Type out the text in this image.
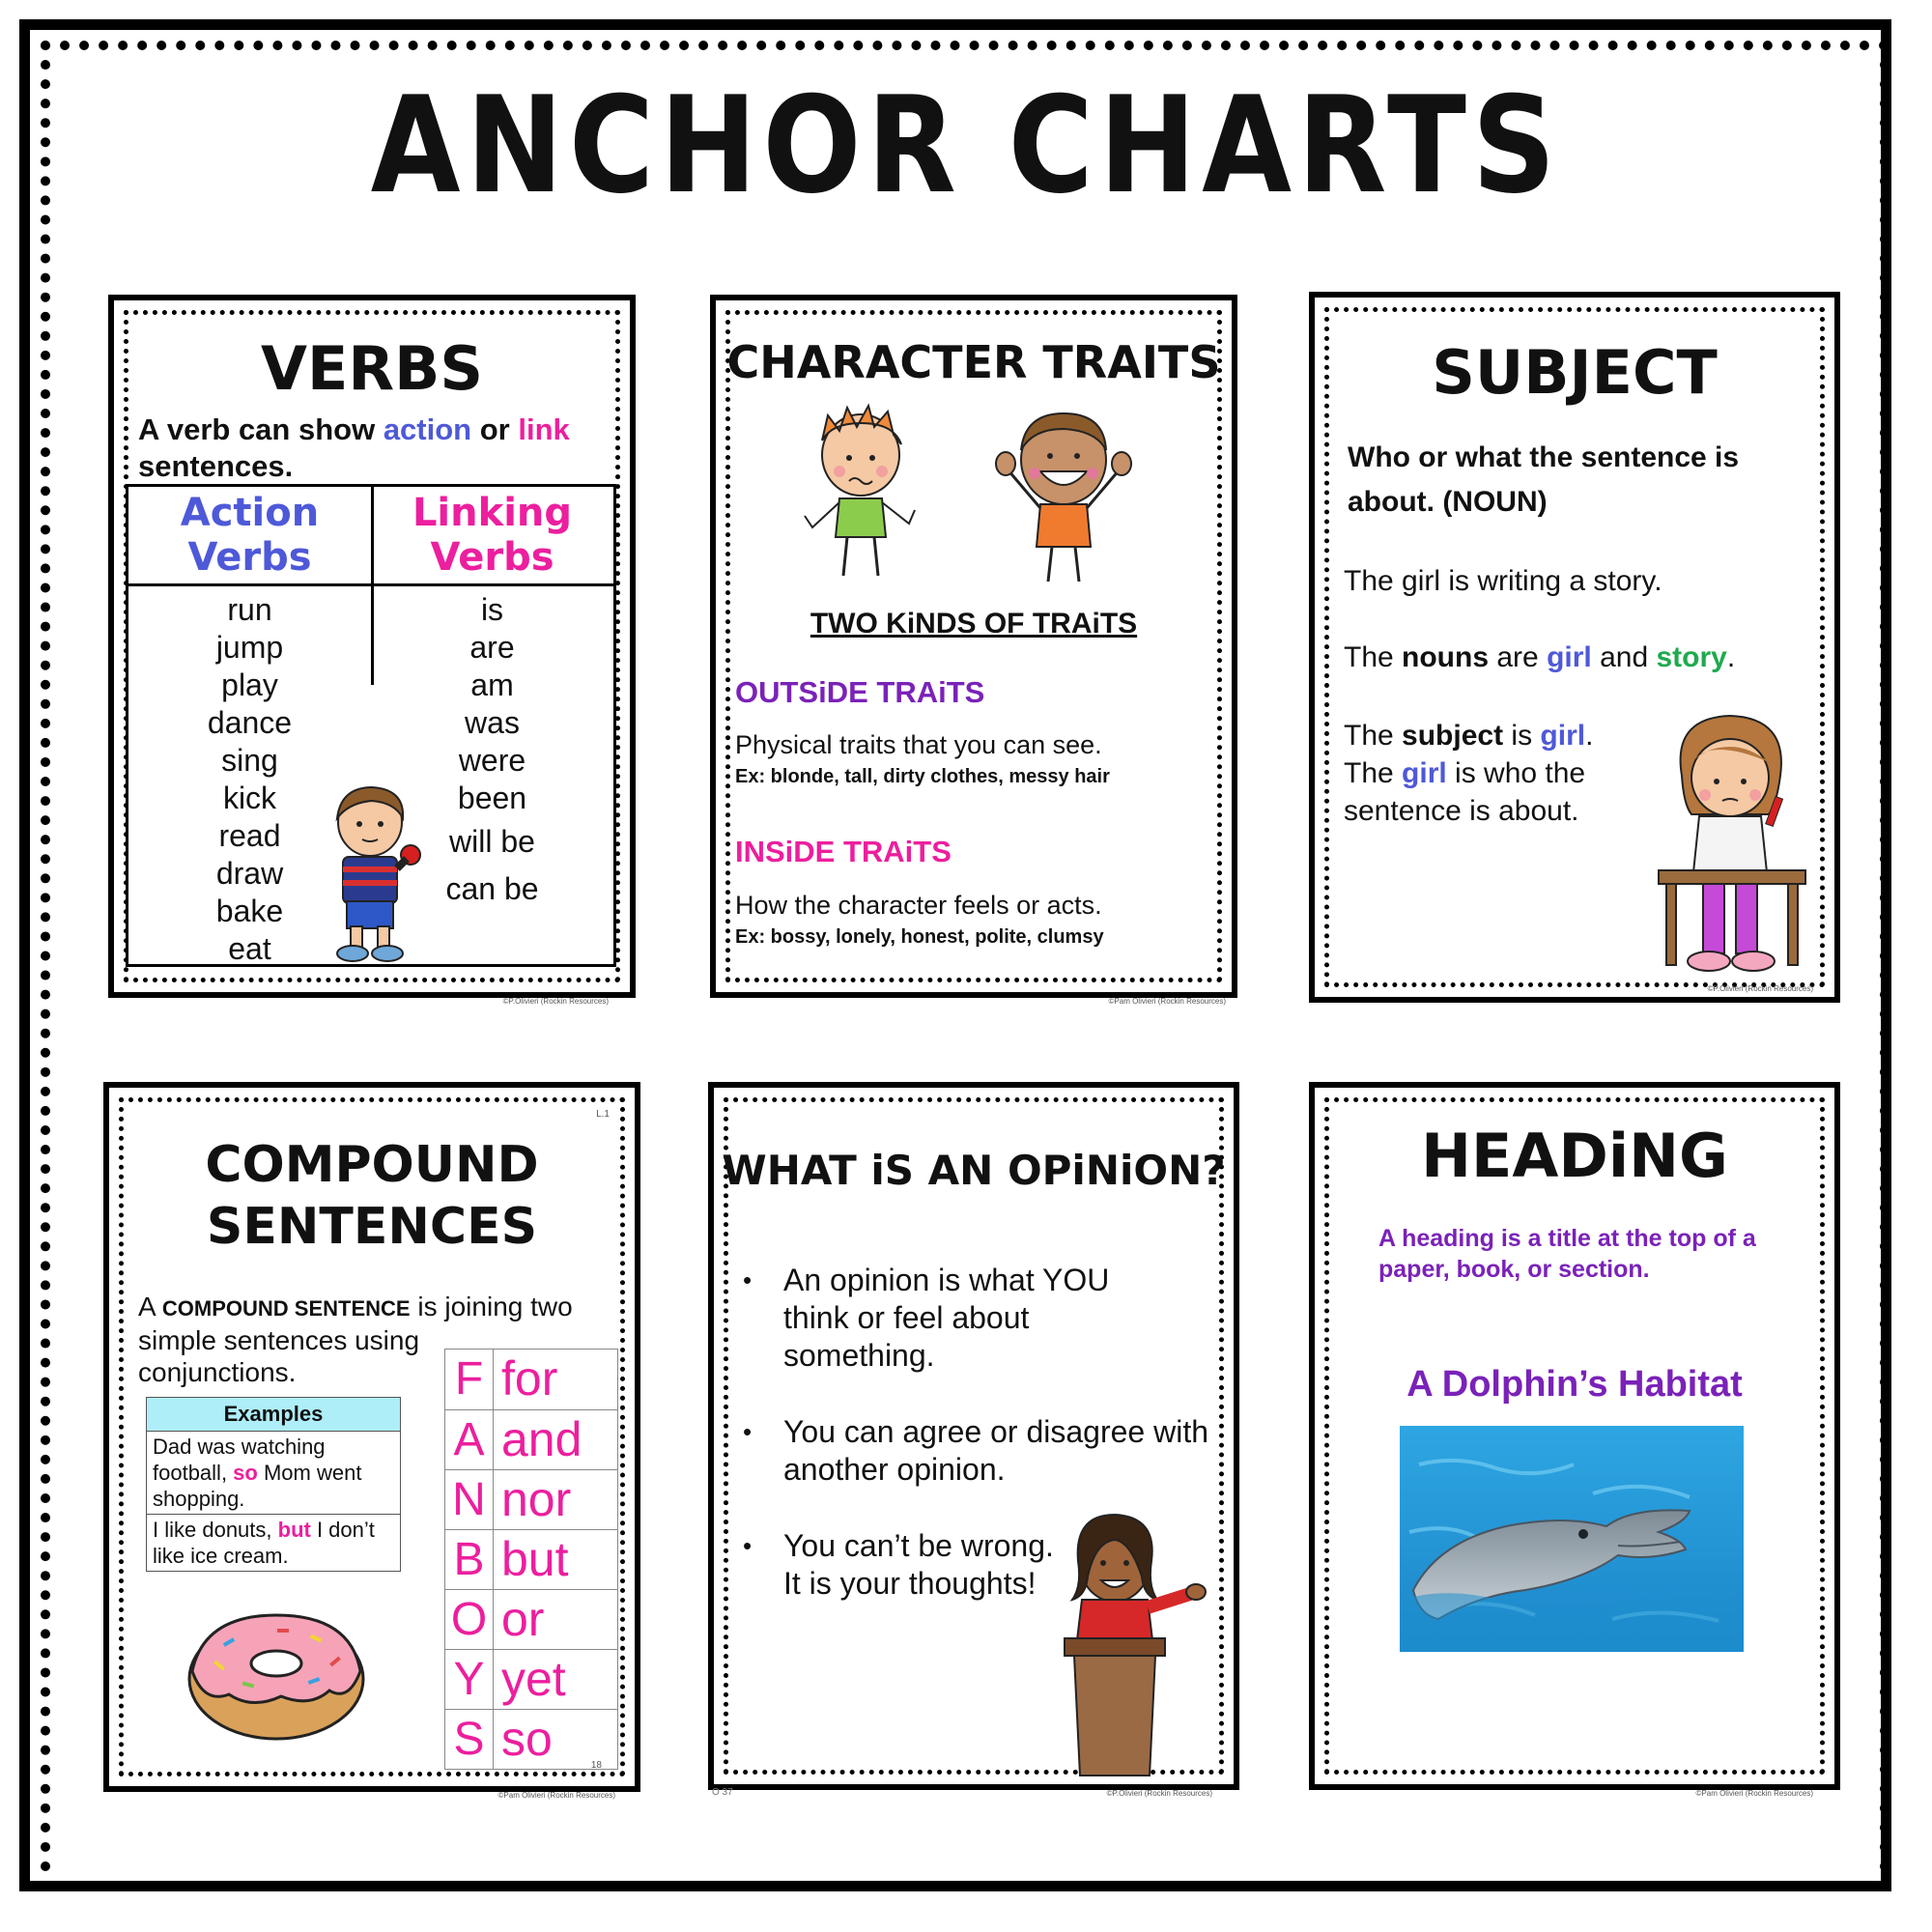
ANCHOR CHARTS
VERBS
A verb can show action or link
sentences.
Action
Verbs
Linking
Verbs
run
jump
play
dance
sing
kick
read
draw
bake
eat
is
are
am
was
were
been
will be
can be
©P.Olivieri (Rockin Resources)
CHARACTER TRAITS
TWO KiNDS OF TRAiTS
OUTSiDE TRAiTS
Physical traits that you can see.
Ex: blonde, tall, dirty clothes, messy hair
INSiDE TRAiTS
How the character feels or acts.
Ex: bossy, lonely, honest, polite, clumsy
©Pam Olivieri (Rockin Resources)
SUBJECT
Who or what the sentence is about. (NOUN)
The girl is writing a story.
The nouns are girl and story.
The subject is girl.
The girl is who the
sentence is about.
©P.Olivieri (Rockin Resources)
L.1
COMPOUND
SENTENCES
A COMPOUND SENTENCE is joining two
simple sentences using
conjunctions.
Examples
Dad was watching football, so Mom went shopping.
I like donuts, but I don’t like ice cream.
F for
A and
N nor
B but
O or
Y yet
S so	18
©Pam Olivieri (Rockin Resources)
WHAT iS AN OPiNiON?
• An opinion is what YOU think or feel about something.
• You can agree or disagree with another opinion.
• You can’t be wrong. It is your thoughts!
O 37	©P.Olivieri (Rockin Resources)
HEADiNG
A heading is a title at the top of a paper, book, or section.
A Dolphin’s Habitat
©Pam Olivieri (Rockin Resources)
